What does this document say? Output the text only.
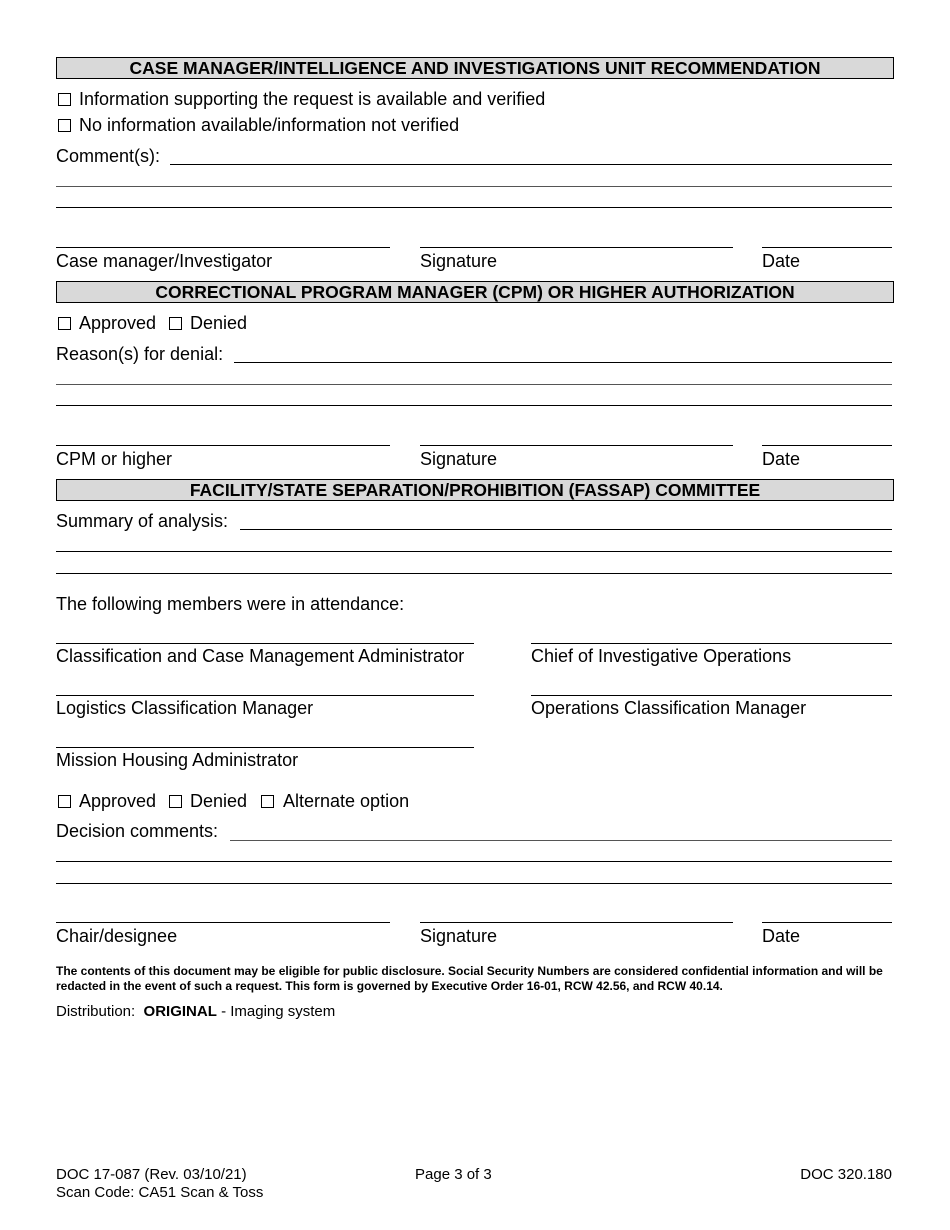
CASE MANAGER/INTELLIGENCE AND INVESTIGATIONS UNIT RECOMMENDATION
Information supporting the request is available and verified
No information available/information not verified
Comment(s):
Case manager/Investigator	Signature	Date
CORRECTIONAL PROGRAM MANAGER (CPM) OR HIGHER AUTHORIZATION
Approved Denied
Reason(s) for denial:
CPM or higher	Signature	Date
FACILITY/STATE SEPARATION/PROHIBITION (FASSAP) COMMITTEE
Summary of analysis:
The following members were in attendance:
Classification and Case Management Administrator	Chief of Investigative Operations
Logistics Classification Manager	Operations Classification Manager
Mission Housing Administrator
Approved Denied Alternate option
Decision comments:
Chair/designee	Signature	Date
The contents of this document may be eligible for public disclosure. Social Security Numbers are considered confidential information and will be redacted in the event of such a request. This form is governed by Executive Order 16-01, RCW 42.56, and RCW 40.14.
Distribution: ORIGINAL - Imaging system
DOC 17-087 (Rev. 03/10/21)
Scan Code: CA51 Scan & Toss
Page 3 of 3	DOC 320.180
